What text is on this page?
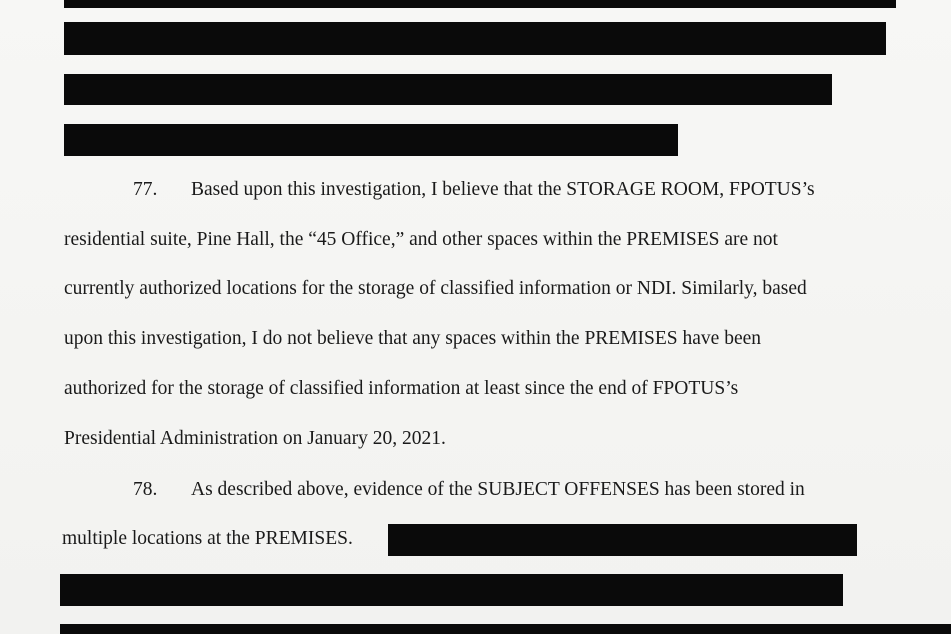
77. Based upon this investigation, I believe that the STORAGE ROOM, FPOTUS’s
residential suite, Pine Hall, the “45 Office,” and other spaces within the PREMISES are not
currently authorized locations for the storage of classified information or NDI. Similarly, based
upon this investigation, I do not believe that any spaces within the PREMISES have been
authorized for the storage of classified information at least since the end of FPOTUS’s
Presidential Administration on January 20, 2021.
78. As described above, evidence of the SUBJECT OFFENSES has been stored in
multiple locations at the PREMISES.
